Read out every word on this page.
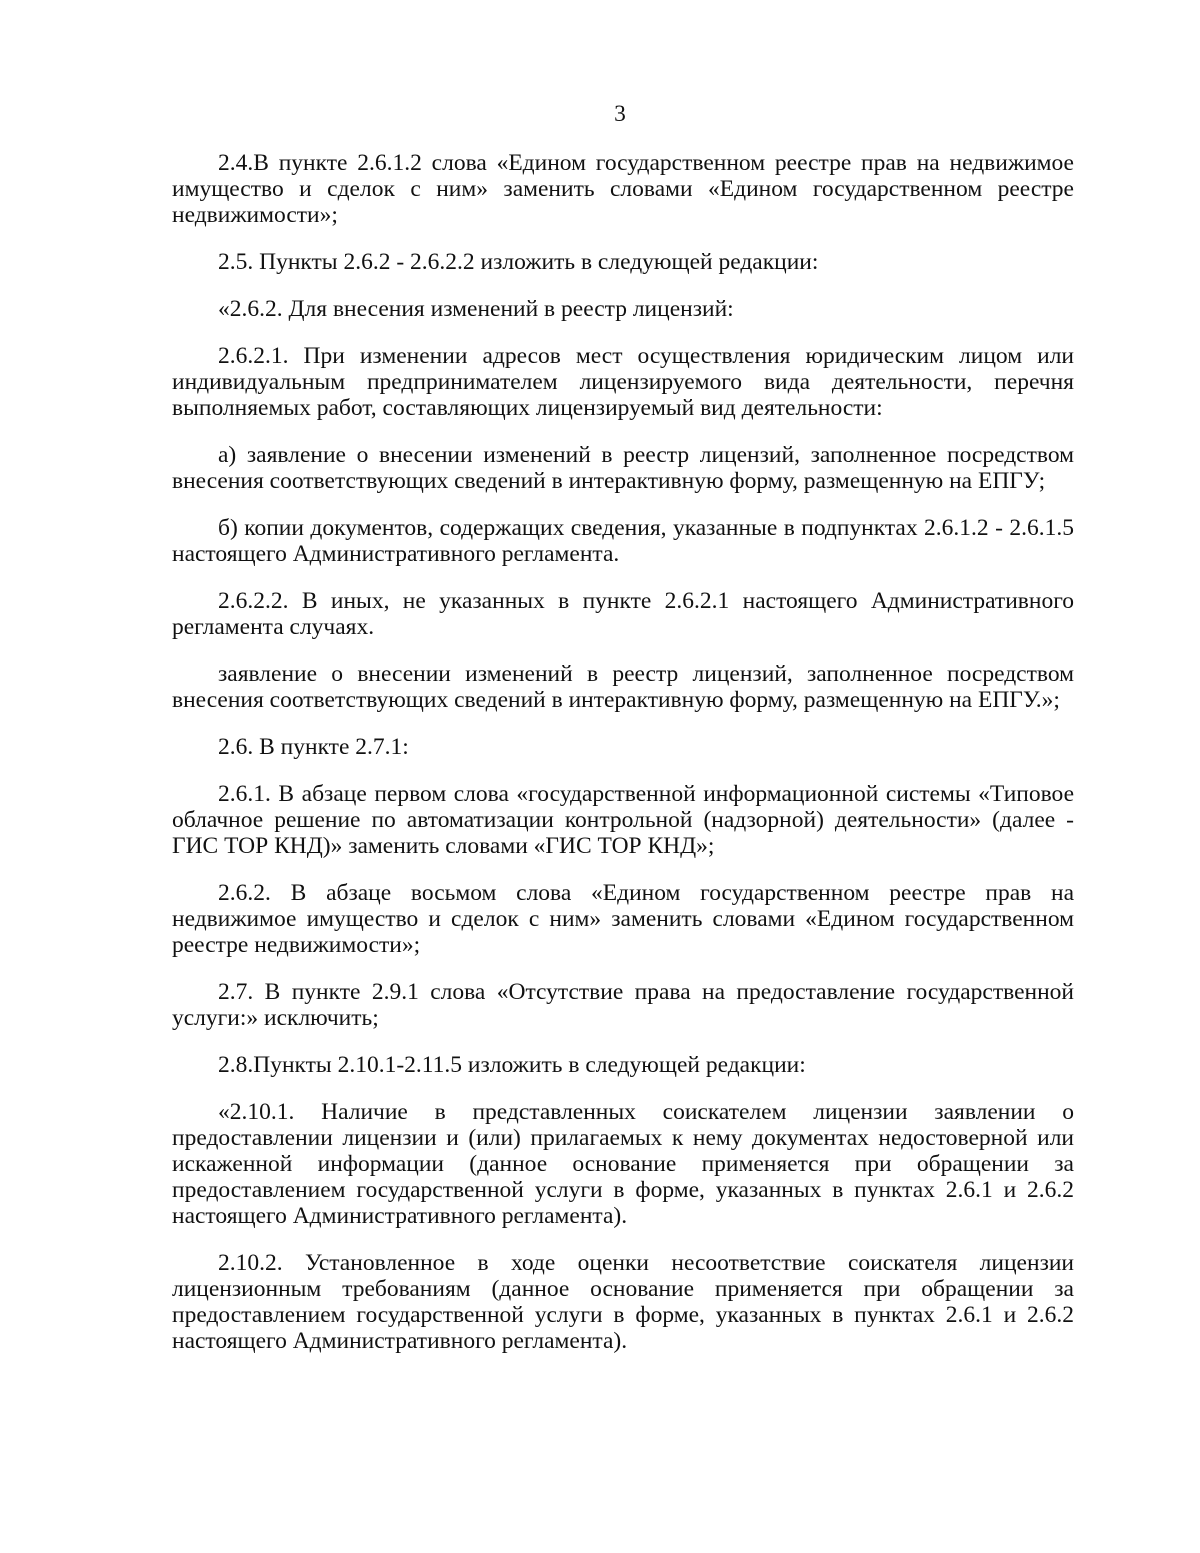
3

2.4.В пункте 2.6.1.2 слова «Едином государственном реестре прав на недвижимое имущество и сделок с ним» заменить словами «Едином государственном реестре недвижимости»;

2.5. Пункты 2.6.2 - 2.6.2.2 изложить в следующей редакции:

«2.6.2. Для внесения изменений в реестр лицензий:

2.6.2.1. При изменении адресов мест осуществления юридическим лицом или индивидуальным предпринимателем лицензируемого вида деятельности, перечня выполняемых работ, составляющих лицензируемый вид деятельности:

а) заявление о внесении изменений в реестр лицензий, заполненное посредством внесения соответствующих сведений в интерактивную форму, размещенную на ЕПГУ;

б) копии документов, содержащих сведения, указанные в подпунктах 2.6.1.2 - 2.6.1.5 настоящего Административного регламента.

2.6.2.2. В иных, не указанных в пункте 2.6.2.1 настоящего Административного регламента случаях.

заявление о внесении изменений в реестр лицензий, заполненное посредством внесения соответствующих сведений в интерактивную форму, размещенную на ЕПГУ.»;

2.6. В пункте 2.7.1:

2.6.1. В абзаце первом слова «государственной информационной системы «Типовое облачное решение по автоматизации контрольной (надзорной) деятельности» (далее - ГИС ТОР КНД)» заменить словами «ГИС ТОР КНД»;

2.6.2. В абзаце восьмом слова «Едином государственном реестре прав на недвижимое имущество и сделок с ним» заменить словами «Едином государственном реестре недвижимости»;

2.7. В пункте 2.9.1 слова «Отсутствие права на предоставление государственной услуги:» исключить;

2.8.Пункты 2.10.1-2.11.5 изложить в следующей редакции:

«2.10.1. Наличие в представленных соискателем лицензии заявлении о предоставлении лицензии и (или) прилагаемых к нему документах недостоверной или искаженной информации (данное основание применяется при обращении за предоставлением государственной услуги в форме, указанных в пунктах 2.6.1 и 2.6.2 настоящего Административного регламента).

2.10.2. Установленное в ходе оценки несоответствие соискателя лицензии лицензионным требованиям (данное основание применяется при обращении за предоставлением государственной услуги в форме, указанных в пунктах 2.6.1 и 2.6.2 настоящего Административного регламента).
